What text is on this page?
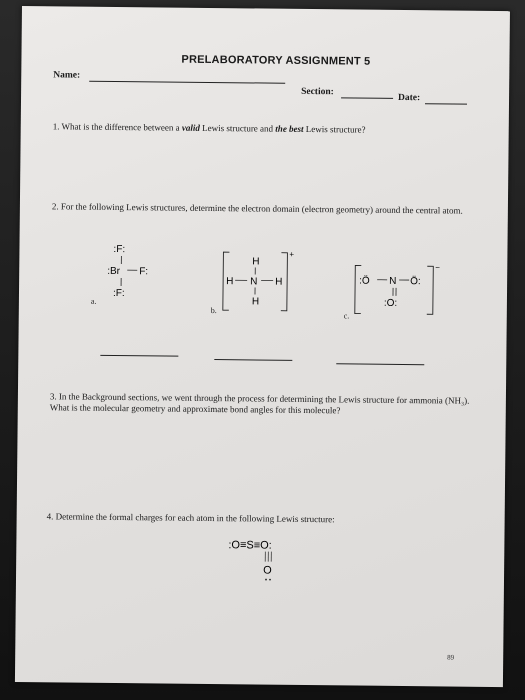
PRELABORATORY ASSIGNMENT 5
Name:
Section:
Date:
1. What is the difference between a valid Lewis structure and the best Lewis structure?
2. For the following Lewis structures, determine the electron domain (electron geometry) around the central atom.
:F:
:Br F:
:F:
a.
+
H
H N H
H
b.
−
:Ö N Ö:
:O:
c.
3. In the Background sections, we went through the process for determining the Lewis structure for ammonia (NH₃). What is the molecular geometry and approximate bond angles for this molecule?
4. Determine the formal charges for each atom in the following Lewis structure:
:O≡S≡O:
O
89
